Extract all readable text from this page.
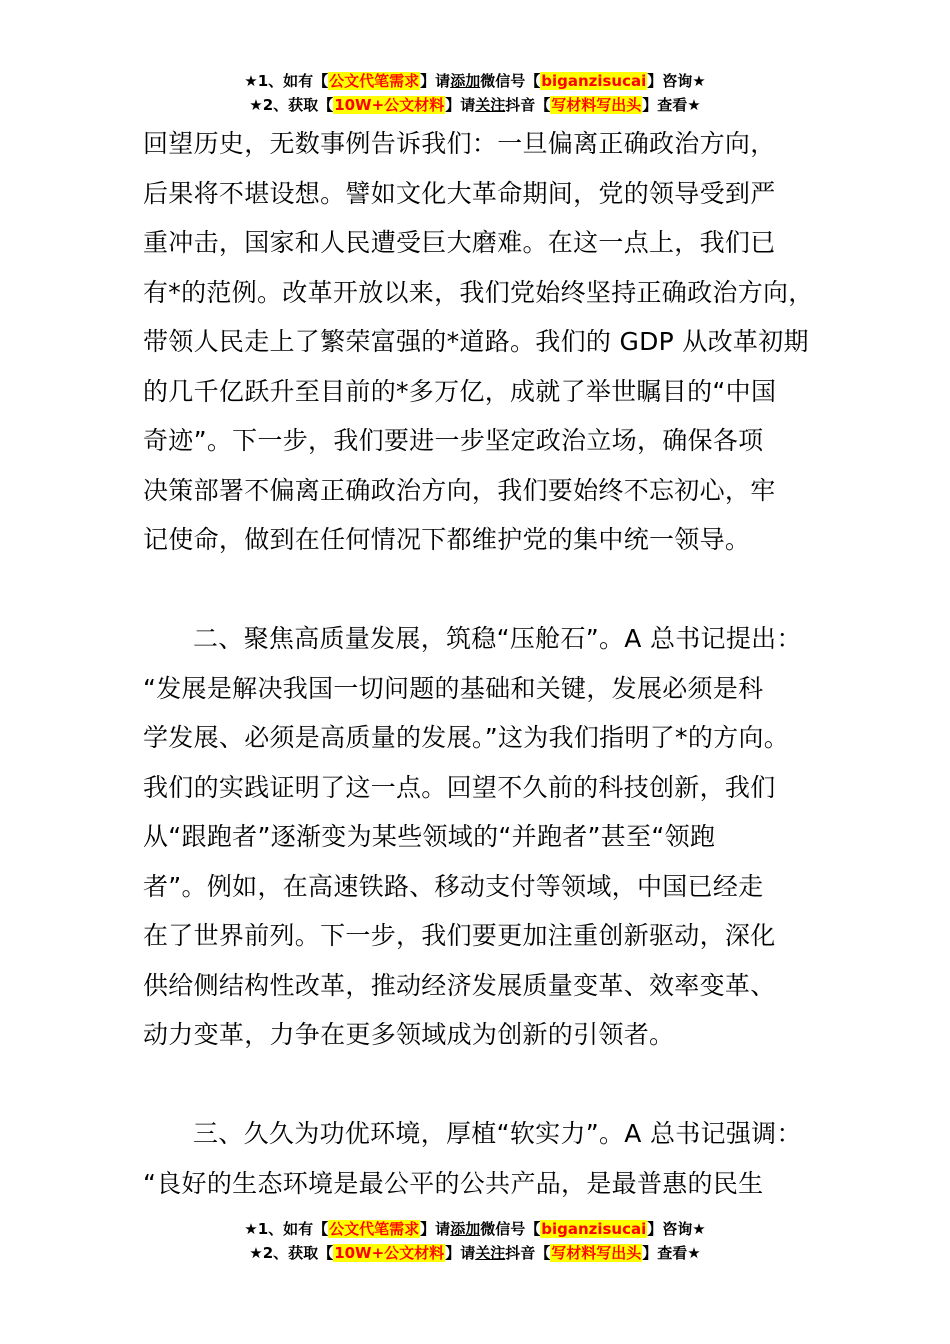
★1、如有【公文代笔需求】请添加微信号【biganzisucai】咨询★
★2、获取【10W+公文材料】请关注抖音【写材料写出头】查看★
回望历史，无数事例告诉我们：一旦偏离正确政治方向，
后果将不堪设想。譬如文化大革命期间，党的领导受到严
重冲击，国家和人民遭受巨大磨难。在这一点上，我们已
有*的范例。改革开放以来，我们党始终坚持正确政治方向，
带领人民走上了繁荣富强的*道路。我们的 GDP 从改革初期
的几千亿跃升至目前的*多万亿，成就了举世瞩目的“中国
奇迹”。下一步，我们要进一步坚定政治立场，确保各项
决策部署不偏离正确政治方向，我们要始终不忘初心，牢
记使命，做到在任何情况下都维护党的集中统一领导。
二、聚焦高质量发展，筑稳“压舱石”。A 总书记提出：
“发展是解决我国一切问题的基础和关键，发展必须是科
学发展、必须是高质量的发展。”这为我们指明了*的方向。
我们的实践证明了这一点。回望不久前的科技创新，我们
从“跟跑者”逐渐变为某些领域的“并跑者”甚至“领跑
者”。例如，在高速铁路、移动支付等领域，中国已经走
在了世界前列。下一步，我们要更加注重创新驱动，深化
供给侧结构性改革，推动经济发展质量变革、效率变革、
动力变革，力争在更多领域成为创新的引领者。
三、久久为功优环境，厚植“软实力”。A 总书记强调：
“良好的生态环境是最公平的公共产品，是最普惠的民生
★1、如有【公文代笔需求】请添加微信号【biganzisucai】咨询★
★2、获取【10W+公文材料】请关注抖音【写材料写出头】查看★
